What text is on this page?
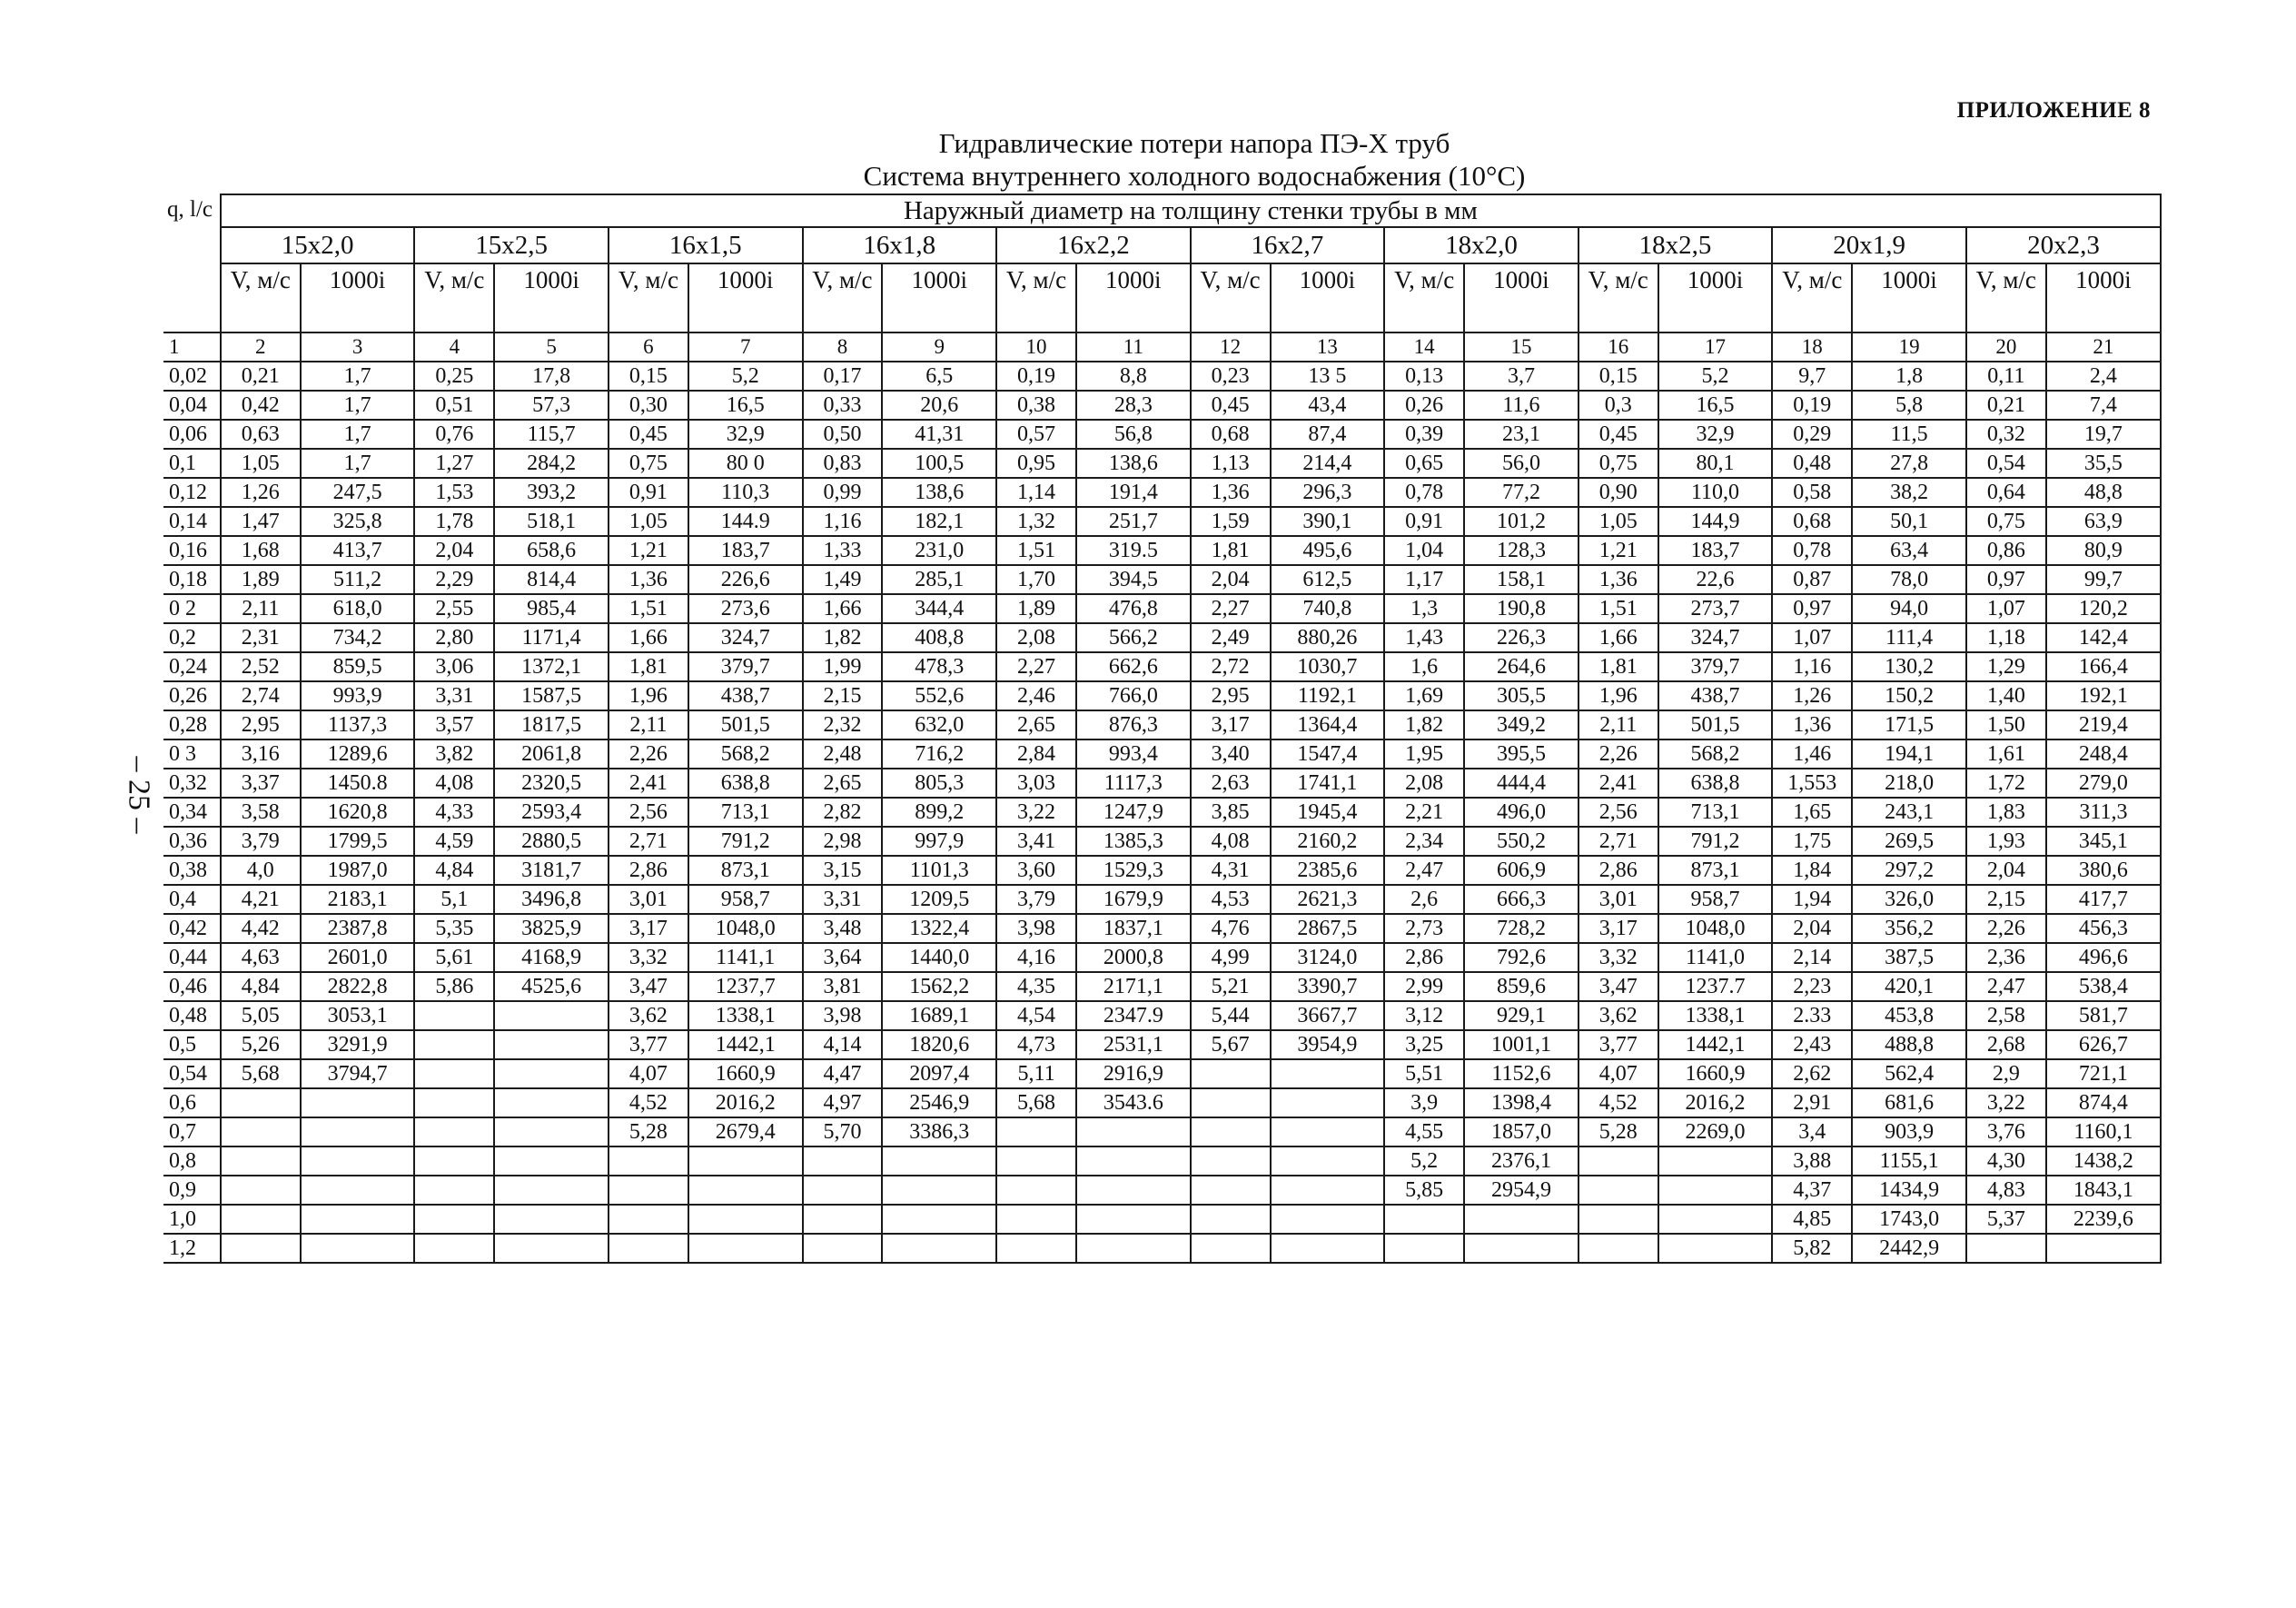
ПРИЛОЖЕНИЕ 8
Гидравлические потери напора ПЭ-Х труб
Система внутреннего холодного водоснабжения (10°С)
– 25 –
q, l/с	Наружный диаметр на толщину стенки трубы в мм																			
	15x2,0		15x2,5		16x1,5		16x1,8		16x2,2		16x2,7		18x2,0		18x2,5		20x1,9		20x2,3	
	V, м/с	1000i	V, м/с	1000i	V, м/с	1000i	V, м/с	1000i	V, м/с	1000i	V, м/с	1000i	V, м/с	1000i	V, м/с	1000i	V, м/с	1000i	V, м/с	1000i
1	2	3	4	5	6	7	8	9	10	11	12	13	14	15	16	17	18	19	20	21
0,02	0,21	1,7	0,25	17,8	0,15	5,2	0,17	6,5	0,19	8,8	0,23	13 5	0,13	3,7	0,15	5,2	9,7	1,8	0,11	2,4
0,04	0,42	1,7	0,51	57,3	0,30	16,5	0,33	20,6	0,38	28,3	0,45	43,4	0,26	11,6	0,3	16,5	0,19	5,8	0,21	7,4
0,06	0,63	1,7	0,76	115,7	0,45	32,9	0,50	41,31	0,57	56,8	0,68	87,4	0,39	23,1	0,45	32,9	0,29	11,5	0,32	19,7
0,1	1,05	1,7	1,27	284,2	0,75	80 0	0,83	100,5	0,95	138,6	1,13	214,4	0,65	56,0	0,75	80,1	0,48	27,8	0,54	35,5
0,12	1,26	247,5	1,53	393,2	0,91	110,3	0,99	138,6	1,14	191,4	1,36	296,3	0,78	77,2	0,90	110,0	0,58	38,2	0,64	48,8
0,14	1,47	325,8	1,78	518,1	1,05	144.9	1,16	182,1	1,32	251,7	1,59	390,1	0,91	101,2	1,05	144,9	0,68	50,1	0,75	63,9
0,16	1,68	413,7	2,04	658,6	1,21	183,7	1,33	231,0	1,51	319.5	1,81	495,6	1,04	128,3	1,21	183,7	0,78	63,4	0,86	80,9
0,18	1,89	511,2	2,29	814,4	1,36	226,6	1,49	285,1	1,70	394,5	2,04	612,5	1,17	158,1	1,36	22,6	0,87	78,0	0,97	99,7
0 2	2,11	618,0	2,55	985,4	1,51	273,6	1,66	344,4	1,89	476,8	2,27	740,8	1,3	190,8	1,51	273,7	0,97	94,0	1,07	120,2
0,2	2,31	734,2	2,80	1171,4	1,66	324,7	1,82	408,8	2,08	566,2	2,49	880,26	1,43	226,3	1,66	324,7	1,07	111,4	1,18	142,4
0,24	2,52	859,5	3,06	1372,1	1,81	379,7	1,99	478,3	2,27	662,6	2,72	1030,7	1,6	264,6	1,81	379,7	1,16	130,2	1,29	166,4
0,26	2,74	993,9	3,31	1587,5	1,96	438,7	2,15	552,6	2,46	766,0	2,95	1192,1	1,69	305,5	1,96	438,7	1,26	150,2	1,40	192,1
0,28	2,95	1137,3	3,57	1817,5	2,11	501,5	2,32	632,0	2,65	876,3	3,17	1364,4	1,82	349,2	2,11	501,5	1,36	171,5	1,50	219,4
0 3	3,16	1289,6	3,82	2061,8	2,26	568,2	2,48	716,2	2,84	993,4	3,40	1547,4	1,95	395,5	2,26	568,2	1,46	194,1	1,61	248,4
0,32	3,37	1450.8	4,08	2320,5	2,41	638,8	2,65	805,3	3,03	1117,3	2,63	1741,1	2,08	444,4	2,41	638,8	1,553	218,0	1,72	279,0
0,34	3,58	1620,8	4,33	2593,4	2,56	713,1	2,82	899,2	3,22	1247,9	3,85	1945,4	2,21	496,0	2,56	713,1	1,65	243,1	1,83	311,3
0,36	3,79	1799,5	4,59	2880,5	2,71	791,2	2,98	997,9	3,41	1385,3	4,08	2160,2	2,34	550,2	2,71	791,2	1,75	269,5	1,93	345,1
0,38	4,0	1987,0	4,84	3181,7	2,86	873,1	3,15	1101,3	3,60	1529,3	4,31	2385,6	2,47	606,9	2,86	873,1	1,84	297,2	2,04	380,6
0,4	4,21	2183,1	5,1	3496,8	3,01	958,7	3,31	1209,5	3,79	1679,9	4,53	2621,3	2,6	666,3	3,01	958,7	1,94	326,0	2,15	417,7
0,42	4,42	2387,8	5,35	3825,9	3,17	1048,0	3,48	1322,4	3,98	1837,1	4,76	2867,5	2,73	728,2	3,17	1048,0	2,04	356,2	2,26	456,3
0,44	4,63	2601,0	5,61	4168,9	3,32	1141,1	3,64	1440,0	4,16	2000,8	4,99	3124,0	2,86	792,6	3,32	1141,0	2,14	387,5	2,36	496,6
0,46	4,84	2822,8	5,86	4525,6	3,47	1237,7	3,81	1562,2	4,35	2171,1	5,21	3390,7	2,99	859,6	3,47	1237.7	2,23	420,1	2,47	538,4
0,48	5,05	3053,1			3,62	1338,1	3,98	1689,1	4,54	2347.9	5,44	3667,7	3,12	929,1	3,62	1338,1	2.33	453,8	2,58	581,7
0,5	5,26	3291,9			3,77	1442,1	4,14	1820,6	4,73	2531,1	5,67	3954,9	3,25	1001,1	3,77	1442,1	2,43	488,8	2,68	626,7
0,54	5,68	3794,7			4,07	1660,9	4,47	2097,4	5,11	2916,9			5,51	1152,6	4,07	1660,9	2,62	562,4	2,9	721,1
0,6					4,52	2016,2	4,97	2546,9	5,68	3543.6			3,9	1398,4	4,52	2016,2	2,91	681,6	3,22	874,4
0,7					5,28	2679,4	5,70	3386,3					4,55	1857,0	5,28	2269,0	3,4	903,9	3,76	1160,1
0,8													5,2	2376,1			3,88	1155,1	4,30	1438,2
0,9													5,85	2954,9			4,37	1434,9	4,83	1843,1
1,0																	4,85	1743,0	5,37	2239,6
1,2																	5,82	2442,9		
